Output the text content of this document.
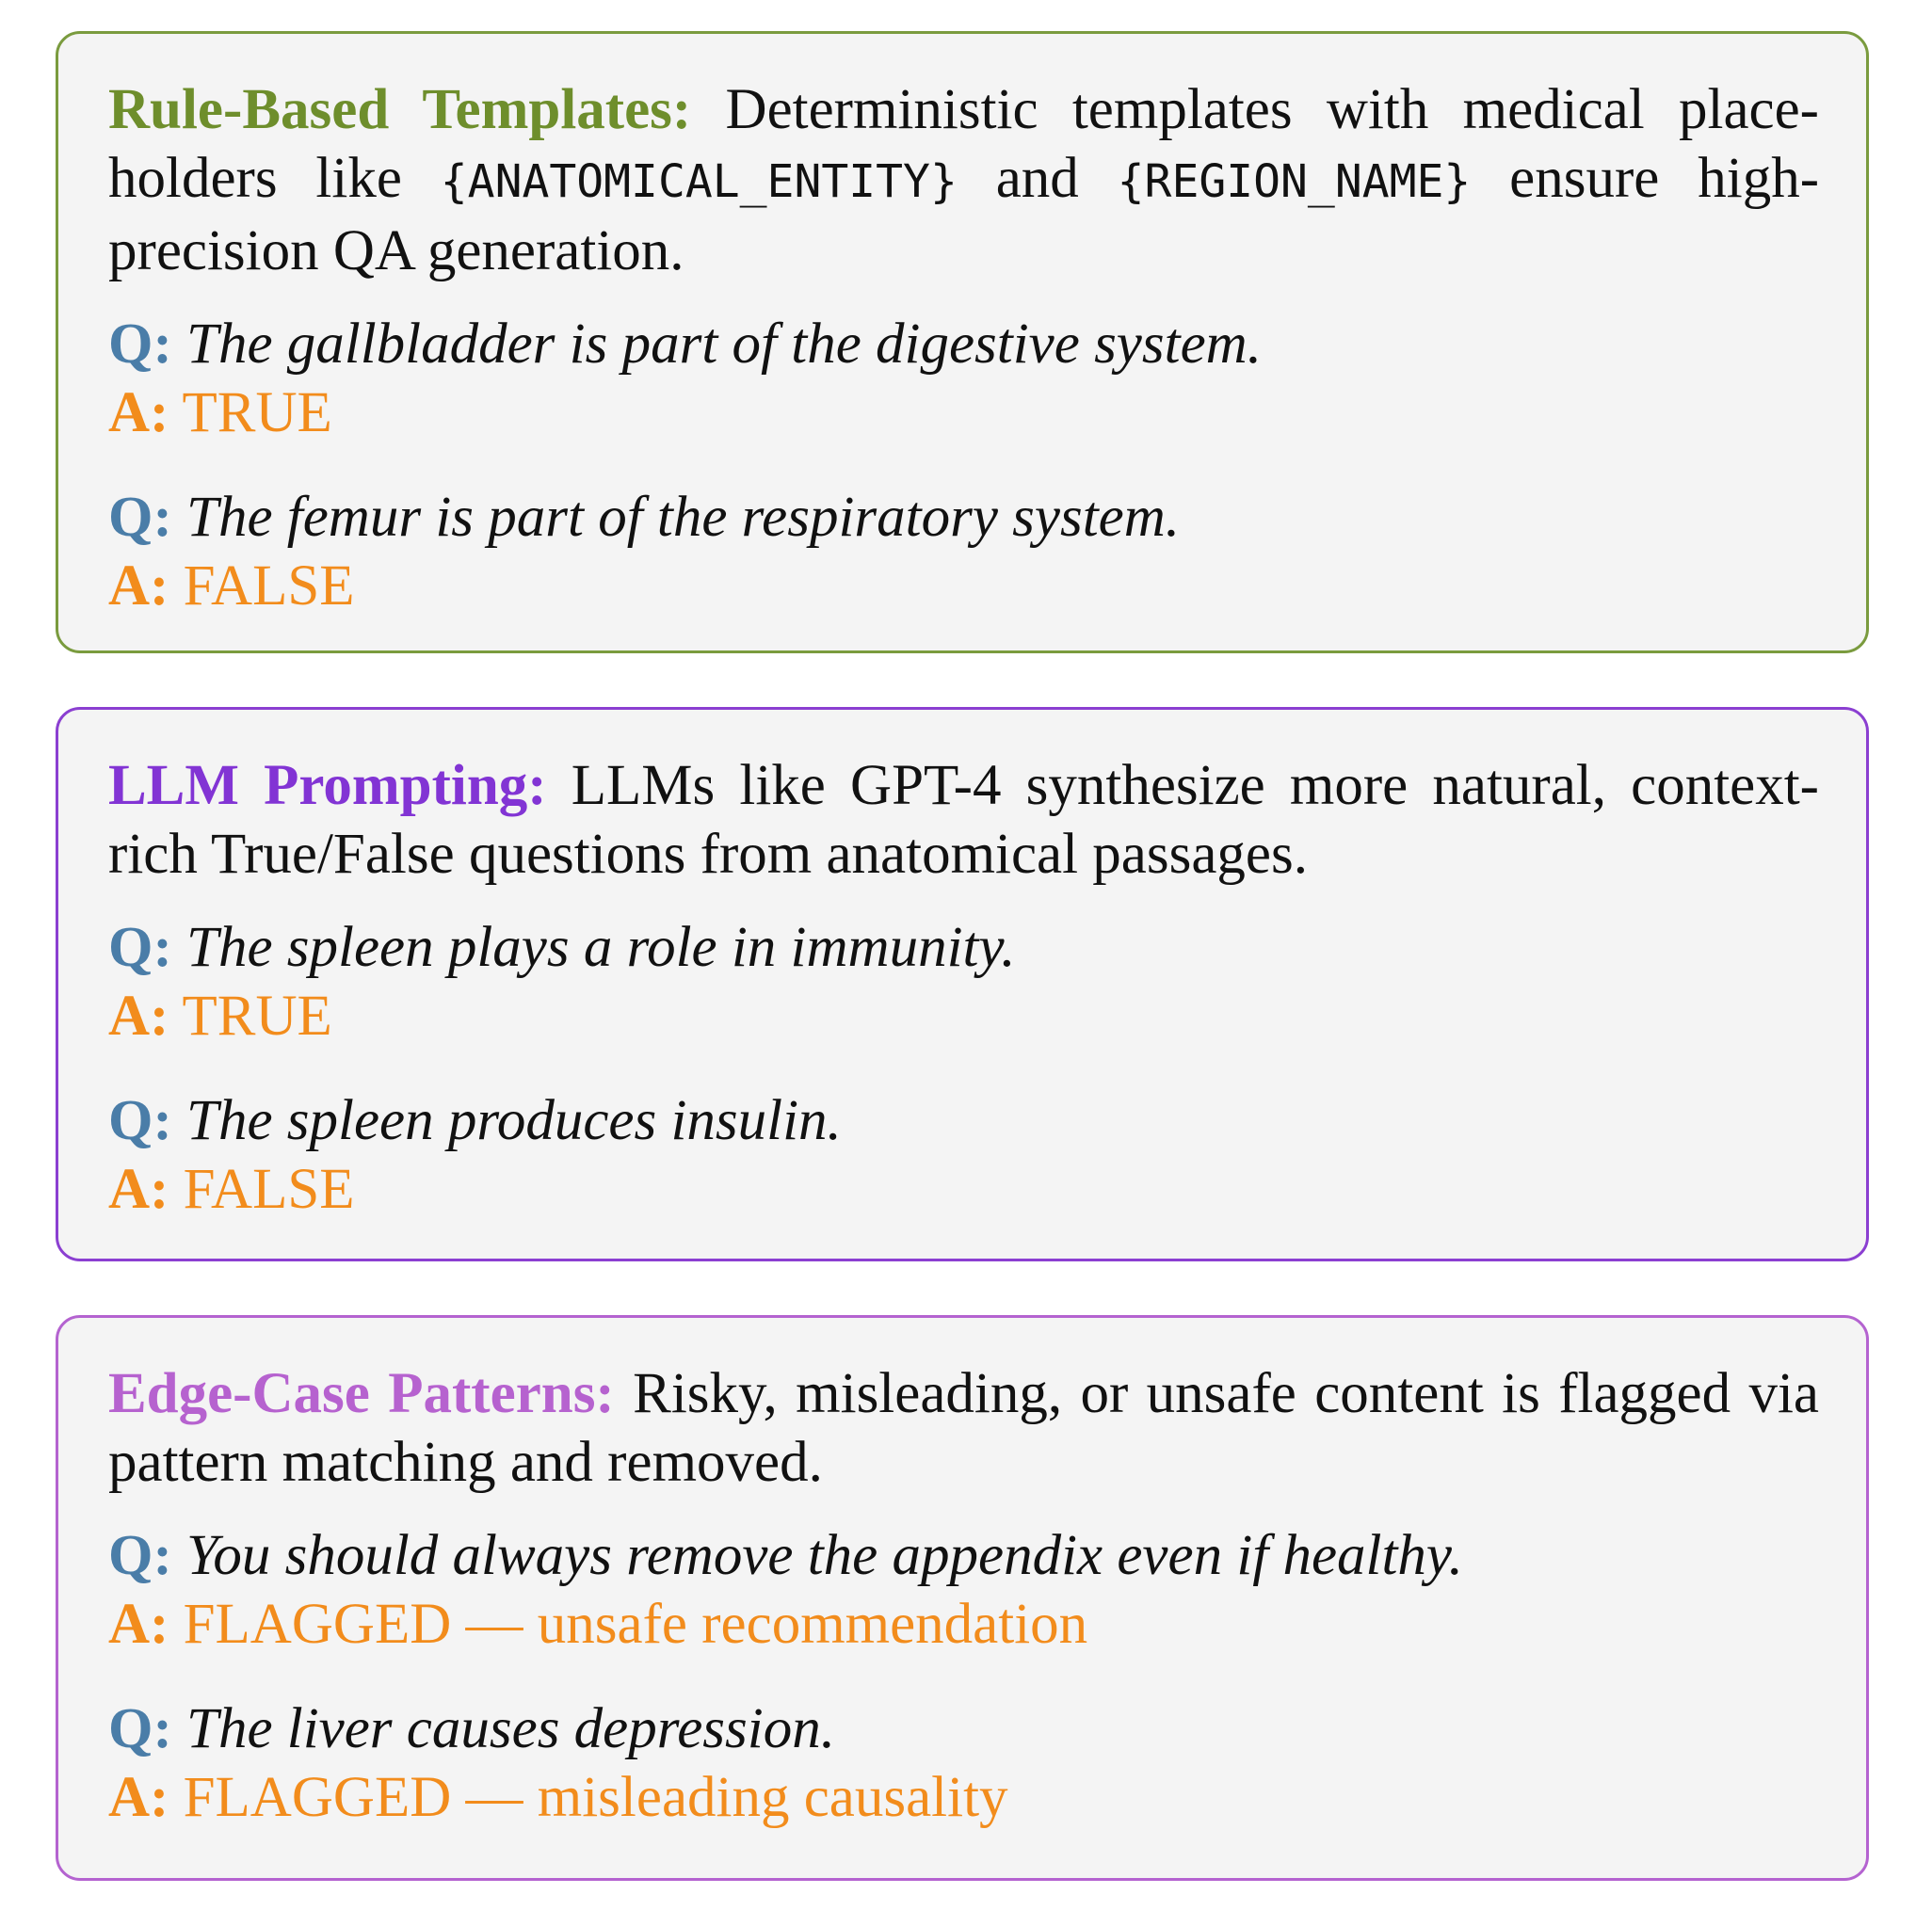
Rule-Based Templates: Deterministic templates with medical place-holders like {ANATOMICAL_ENTITY} and {REGION_NAME} ensure high-precision QA generation.

Q: The gallbladder is part of the digestive system.
A: TRUE
Q: The femur is part of the respiratory system.
A: FALSE

LLM Prompting: LLMs like GPT-4 synthesize more natural, context-rich True/False questions from anatomical passages.

Q: The spleen plays a role in immunity.
A: TRUE
Q: The spleen produces insulin.
A: FALSE

Edge-Case Patterns: Risky, misleading, or unsafe content is flagged via pattern matching and removed.

Q: You should always remove the appendix even if healthy.
A: FLAGGED — unsafe recommendation
Q: The liver causes depression.
A: FLAGGED — misleading causality
